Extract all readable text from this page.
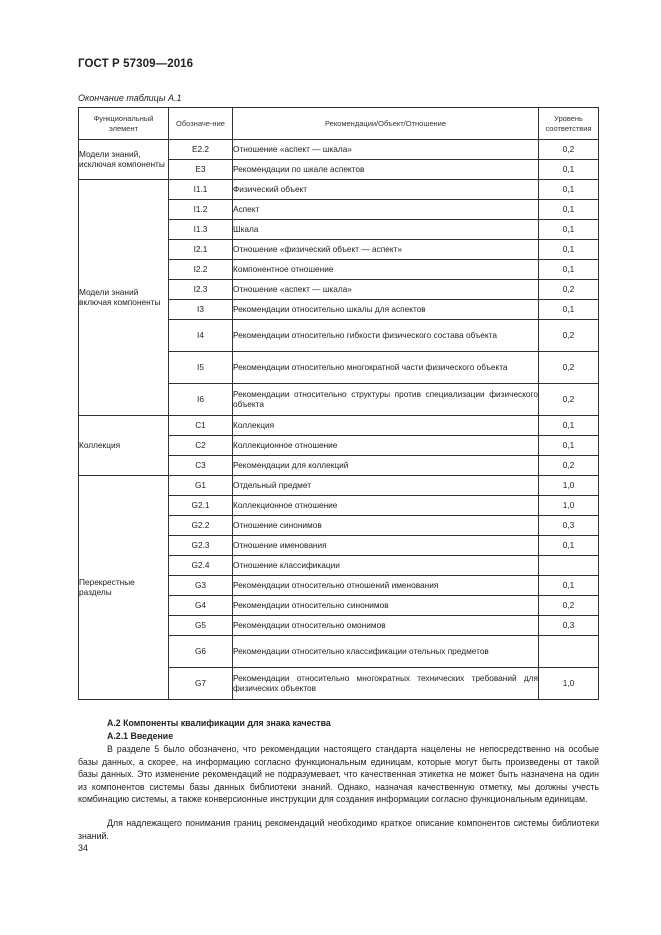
ГОСТ Р 57309—2016
Окончание таблицы А.1
Функциональный элемент	Обозначе-ние	Рекомендации/Объект/Отношение	Уровень соответствия

Модели знаний, исключая компоненты	E2.2	Отношение «аспект — шкала»	0,2
	E3	Рекомендации по шкале аспектов	0,1
Модели знаний включая компоненты	I1.1	Физический объект	0,1
	I1.2	Аспект	0,1
	I1.3	Шкала	0,1
	I2.1	Отношение «физический объект — аспект»	0,1
	I2.2	Компонентное отношение	0,1
	I2.3	Отношение «аспект — шкала»	0,2
	I3	Рекомендации относительно шкалы для аспектов	0,1
	I4	Рекомендации относительно гибкости физического состава объекта	0,2
	I5	Рекомендации относительно многократной части физического объекта	0,2
	I6	Рекомендации относительно структуры против специализации физического объекта	0,2
Коллекция	C1	Коллекция	0,1
	C2	Коллекционное отношение	0,1
	C3	Рекомендации для коллекций	0,2
Перекрестные разделы	G1	Отдельный предмет	1,0
	G2.1	Коллекционное отношение	1,0
	G2.2	Отношение синонимов	0,3
	G2.3	Отношение именования	0,1
	G2.4	Отношение классификации	
	G3	Рекомендации относительно отношений именования	0,1
	G4	Рекомендации относительно синонимов	0,2
	G5	Рекомендации относительно омонимов	0,3
	G6	Рекомендации относительно классификации отельных предметов	
	G7	Рекомендации относительно многократных технических требований для физических объектов	1,0
А.2 Компоненты квалификации для знака качества
А.2.1 Введение

В разделе 5 было обозначено, что рекомендации настоящего стандарта нацелены не непосредственно на особые базы данных, а скорее, на информацию согласно функциональным единицам, которые могут быть произведены от такой базы данных. Это изменение рекомендаций не подразумевает, что качественная этикетка не может быть назначена на один из компонентов системы базы данных библиотеки знаний. Однако, назначая качественную отметку, мы должны учесть комбинацию системы, а также конверсионные инструкции для создания информации согласно функциональным единицам.

Для надлежащего понимания границ рекомендаций необходимо краткое описание компонентов системы библиотеки знаний.

34
